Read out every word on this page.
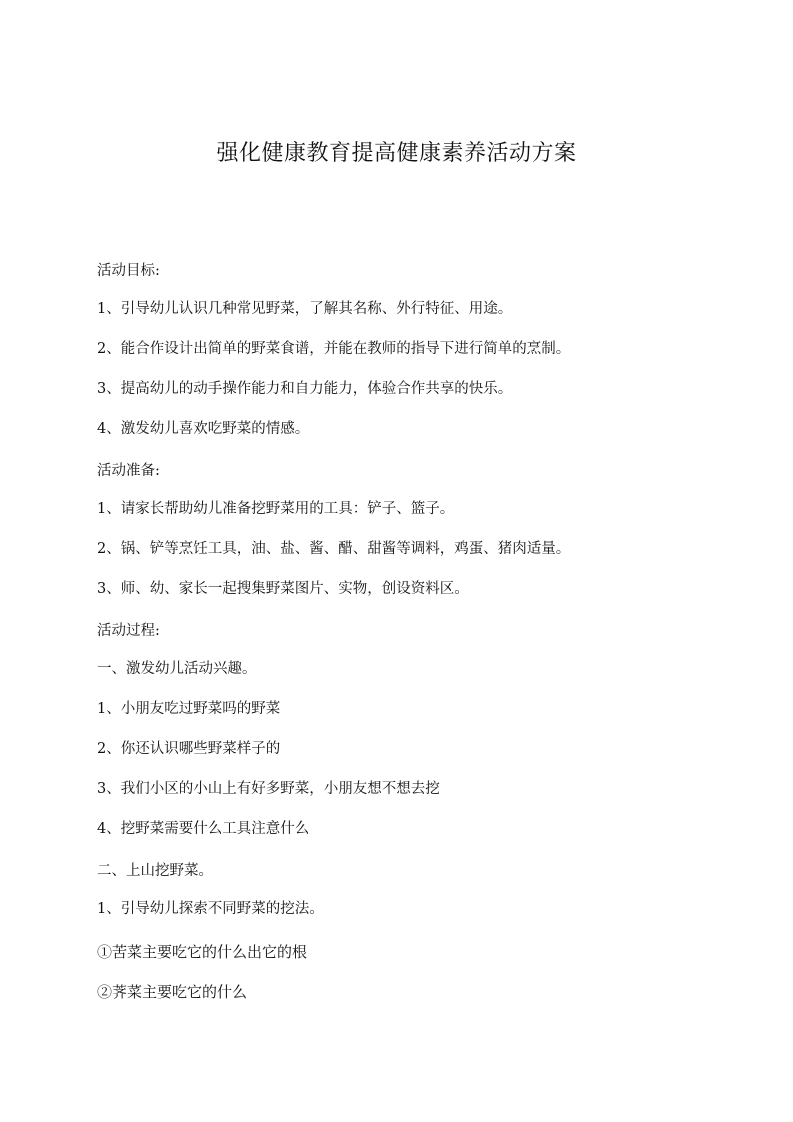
强化健康教育提高健康素养活动方案

活动目标:

1、引导幼儿认识几种常见野菜，了解其名称、外行特征、用途。

2、能合作设计出简单的野菜食谱，并能在教师的指导下进行简单的烹制。

3、提高幼儿的动手操作能力和自力能力，体验合作共享的快乐。

4、激发幼儿喜欢吃野菜的情感。

活动准备:

1、请家长帮助幼儿准备挖野菜用的工具：铲子、篮子。

2、锅、铲等烹饪工具，油、盐、酱、醋、甜酱等调料，鸡蛋、猪肉适量。

3、师、幼、家长一起搜集野菜图片、实物，创设资料区。

活动过程:

一、激发幼儿活动兴趣。

1、小朋友吃过野菜吗的野菜

2、你还认识哪些野菜样子的

3、我们小区的小山上有好多野菜，小朋友想不想去挖

4、挖野菜需要什么工具注意什么

二、上山挖野菜。

1、引导幼儿探索不同野菜的挖法。

①苦菜主要吃它的什么出它的根

②荠菜主要吃它的什么
